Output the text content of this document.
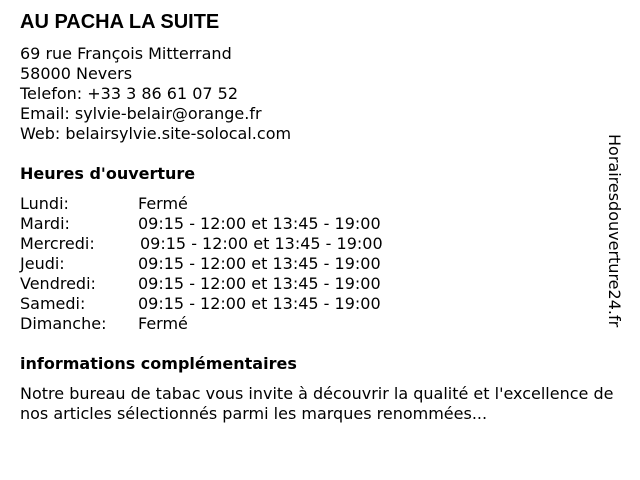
AU PACHA LA SUITE
69 rue François Mitterrand
58000 Nevers
Telefon: +33 3 86 61 07 52
Email: sylvie-belair@orange.fr
Web: belairsylvie.site-solocal.com
Heures d'ouverture
Lundi:	Fermé
Mardi:	09:15 - 12:00 et 13:45 - 19:00
Mercredi:	09:15 - 12:00 et 13:45 - 19:00
Jeudi:	09:15 - 12:00 et 13:45 - 19:00
Vendredi:	09:15 - 12:00 et 13:45 - 19:00
Samedi:	09:15 - 12:00 et 13:45 - 19:00
Dimanche: Fermé
informations complémentaires
Notre bureau de tabac vous invite à découvrir la qualité et l'excellence de nos articles sélectionnés parmi les marques renommées...
Horairesdouverture24.fr
